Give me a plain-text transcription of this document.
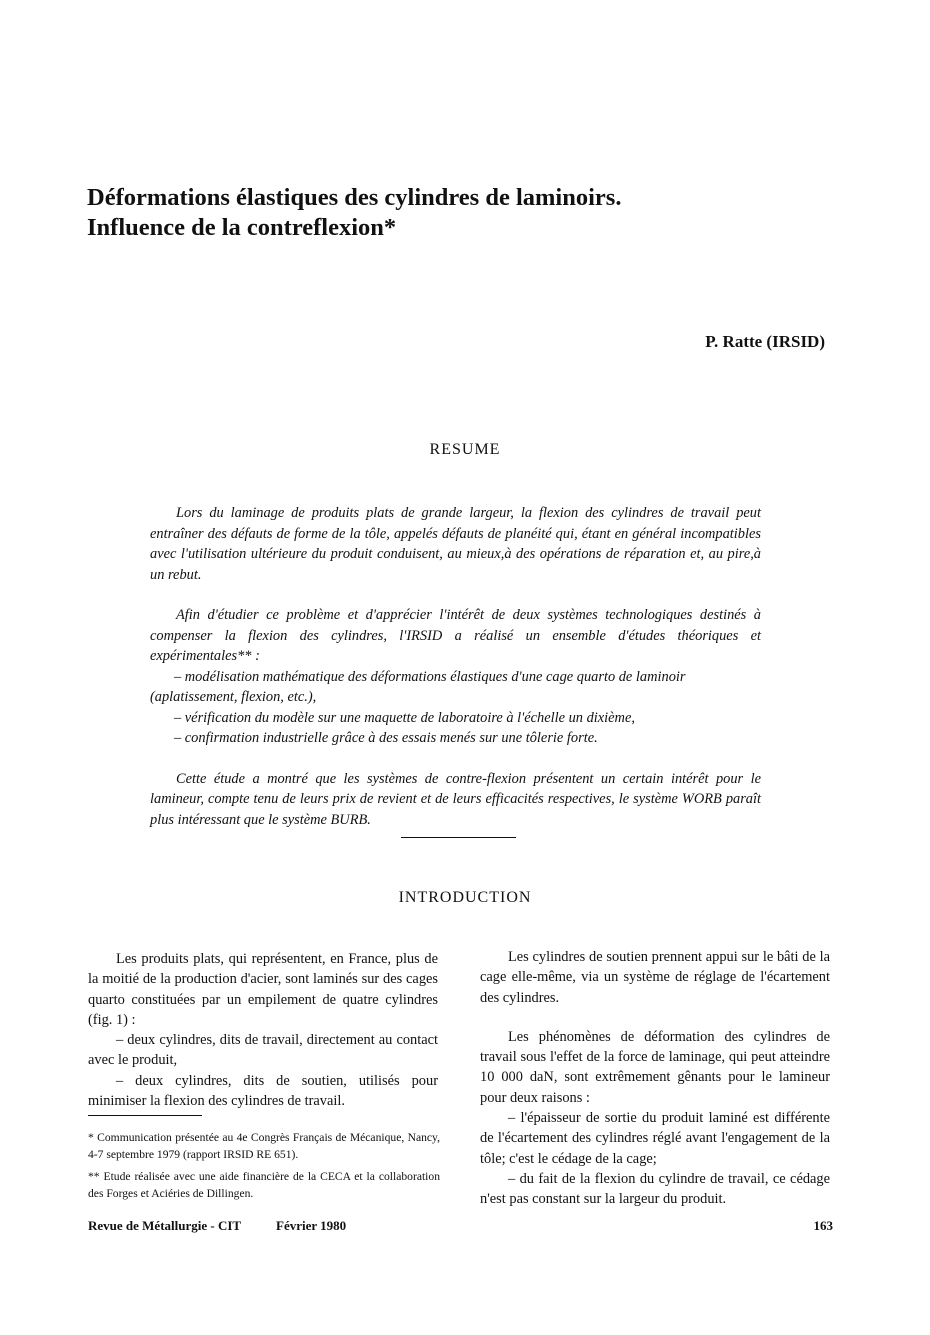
Déformations élastiques des cylindres de laminoirs.
Influence de la contreflexion*

P. Ratte (IRSID)

RESUME

Lors du laminage de produits plats de grande largeur, la flexion des cylindres de travail peut entraîner des défauts de forme de la tôle, appelés défauts de planéité qui, étant en général incompatibles avec l'utilisation ultérieure du produit conduisent, au mieux,à des opérations de réparation et, au pire,à un rebut.

Afin d'étudier ce problème et d'apprécier l'intérêt de deux systèmes technologiques destinés à compenser la flexion des cylindres, l'IRSID a réalisé un ensemble d'études théoriques et expérimentales** :

– modélisation mathématique des déformations élastiques d'une cage quarto de laminoir (aplatissement, flexion, etc.),

– vérification du modèle sur une maquette de laboratoire à l'échelle un dixième,

– confirmation industrielle grâce à des essais menés sur une tôlerie forte.

Cette étude a montré que les systèmes de contre-flexion présentent un certain intérêt pour le lamineur, compte tenu de leurs prix de revient et de leurs efficacités respectives, le système WORB paraît plus intéressant que le système BURB.

INTRODUCTION

Les produits plats, qui représentent, en France, plus de la moitié de la production d'acier, sont laminés sur des cages quarto constituées par un empilement de quatre cylindres (fig. 1) :

– deux cylindres, dits de travail, directement au contact avec le produit,

– deux cylindres, dits de soutien, utilisés pour minimiser la flexion des cylindres de travail.

Les cylindres de soutien prennent appui sur le bâti de la cage elle-même, via un système de réglage de l'écartement des cylindres.

Les phénomènes de déformation des cylindres de travail sous l'effet de la force de laminage, qui peut atteindre 10 000 daN, sont extrêmement gênants pour le lamineur pour deux raisons :

– l'épaisseur de sortie du produit laminé est différente de l'écartement des cylindres réglé avant l'engagement de la tôle; c'est le cédage de la cage;

– du fait de la flexion du cylindre de travail, ce cédage n'est pas constant sur la largeur du produit.

* Communication présentée au 4e Congrès Français de Mécanique, Nancy, 4-7 septembre 1979 (rapport IRSID RE 651).

** Etude réalisée avec une aide financière de la CECA et la collaboration des Forges et Aciéries de Dillingen.

Revue de Métallurgie - CIT	Février 1980	163
